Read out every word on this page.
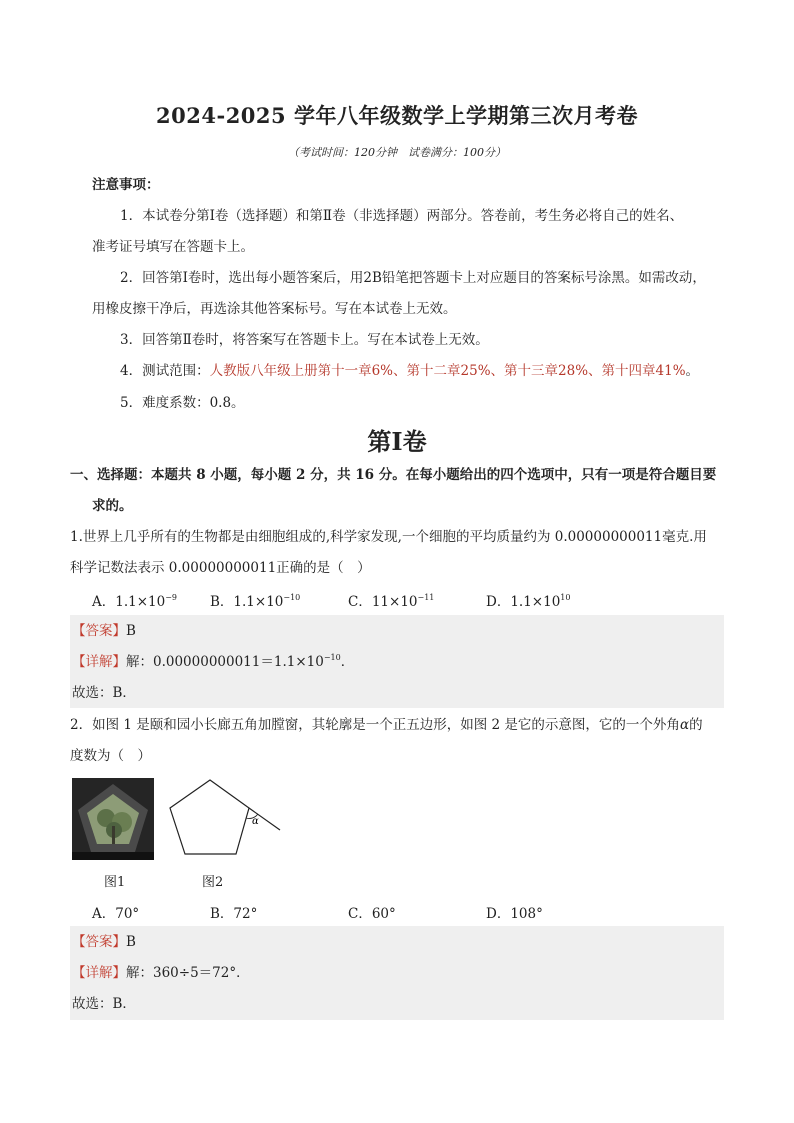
2024-2025 学年八年级数学上学期第三次月考卷
（考试时间：120分钟　试卷满分：100分）
注意事项：
1．本试卷分第Ⅰ卷（选择题）和第Ⅱ卷（非选择题）两部分。答卷前，考生务必将自己的姓名、
准考证号填写在答题卡上。
2．回答第Ⅰ卷时，选出每小题答案后，用2B铅笔把答题卡上对应题目的答案标号涂黑。如需改动，
用橡皮擦干净后，再选涂其他答案标号。写在本试卷上无效。
3．回答第Ⅱ卷时，将答案写在答题卡上。写在本试卷上无效。
4．测试范围：人教版八年级上册第十一章6%、第十二章25%、第十三章28%、第十四章41%。
5．难度系数：0.8。
第Ⅰ卷
一、选择题：本题共 8 小题，每小题 2 分，共 16 分。在每小题给出的四个选项中，只有一项是符合题目要
求的。
1.世界上几乎所有的生物都是由细胞组成的,科学家发现,一个细胞的平均质量约为 0.00000000011毫克.用
科学记数法表示 0.00000000011正确的是（　）
A．$1.1\times 10^{-9}$ B．$1.1\times 10^{-10}$	C．$11\times 10^{-11}$	D．$1.1\times 10^{10}$
【答案】B
【详解】解：$0.00000000011=1.1\times 10^{-10}$．
故选：B．
2．如图 1 是颐和园小长廊五角加膛窗，其轮廓是一个正五边形，如图 2 是它的示意图，它的一个外角α的
度数为（　）
图1
α
图2
A．70°	B．72°	C．60°	D．108°
【答案】B
【详解】解：360÷5＝72°．
故选：B．
